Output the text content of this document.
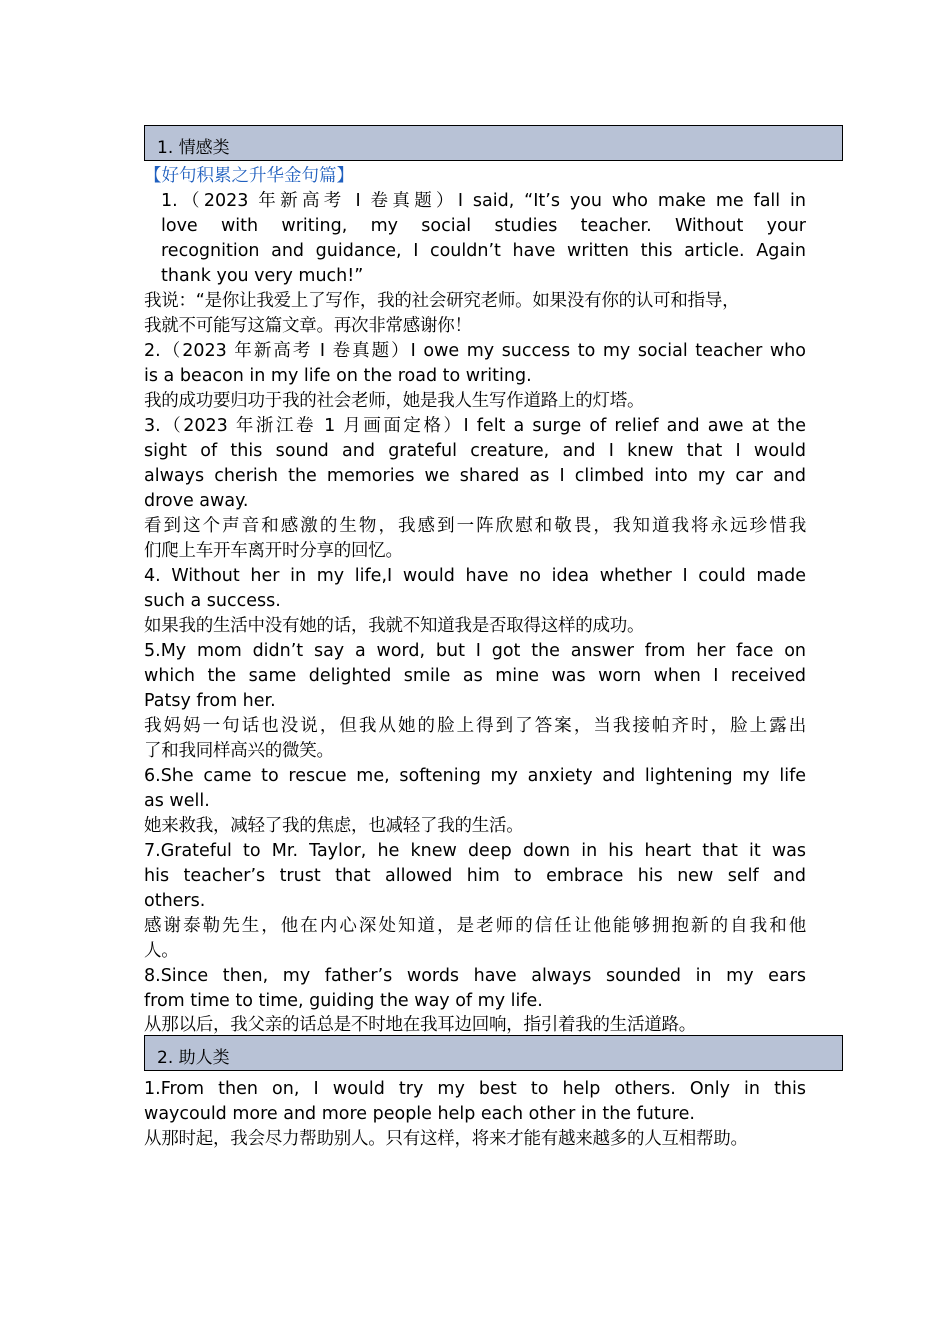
1. 情感类
【好句积累之升华金句篇】
1.（2023 年新高考 I 卷真题）I said, “It’s you who make me fall in
love with writing, my social studies teacher. Without your
recognition and guidance, I couldn’t have written this article. Again
thank you very much!”
我说：“是你让我爱上了写作，我的社会研究老师。如果没有你的认可和指导，
我就不可能写这篇文章。再次非常感谢你！
2.（2023 年新高考 I 卷真题）I owe my success to my social teacher who
is a beacon in my life on the road to writing.
我的成功要归功于我的社会老师，她是我人生写作道路上的灯塔。
3.（2023 年浙江卷 1 月画面定格）I felt a surge of relief and awe at the
sight of this sound and grateful creature, and I knew that I would
always cherish the memories we shared as I climbed into my car and
drove away.
看到这个声音和感激的生物，我感到一阵欣慰和敬畏，我知道我将永远珍惜我
们爬上车开车离开时分享的回忆。
4. Without her in my life,I would have no idea whether I could made
such a success.
如果我的生活中没有她的话，我就不知道我是否取得这样的成功。
5.My mom didn’t say a word, but I got the answer from her face on
which the same delighted smile as mine was worn when I received
Patsy from her.
我妈妈一句话也没说，但我从她的脸上得到了答案，当我接帕齐时，脸上露出
了和我同样高兴的微笑。
6.She came to rescue me, softening my anxiety and lightening my life
as well.
她来救我，减轻了我的焦虑，也减轻了我的生活。
7.Grateful to Mr. Taylor, he knew deep down in his heart that it was
his teacher’s trust that allowed him to embrace his new self and
others.
感谢泰勒先生，他在内心深处知道，是老师的信任让他能够拥抱新的自我和他
人。
8.Since then, my father’s words have always sounded in my ears
from time to time, guiding the way of my life.
从那以后，我父亲的话总是不时地在我耳边回响，指引着我的生活道路。
2. 助人类
1.From then on, I would try my best to help others. Only in this
waycould more and more people help each other in the future.
从那时起，我会尽力帮助别人。只有这样，将来才能有越来越多的人互相帮助。
